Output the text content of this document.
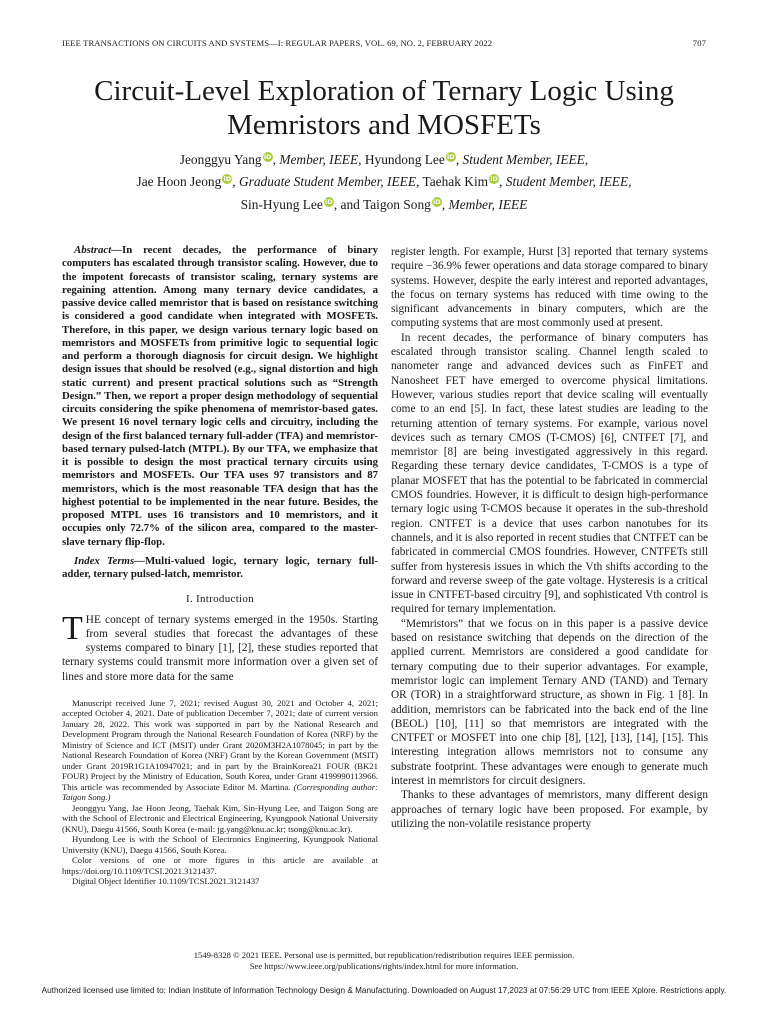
IEEE TRANSACTIONS ON CIRCUITS AND SYSTEMS—I: REGULAR PAPERS, VOL. 69, NO. 2, FEBRUARY 2022	707
Circuit-Level Exploration of Ternary Logic Using Memristors and MOSFETs
Jeonggyu Yang iD, Member, IEEE, Hyundong Lee iD, Student Member, IEEE,
Jae Hoon Jeong iD, Graduate Student Member, IEEE, Taehak Kim iD, Student Member, IEEE,
Sin-Hyung Lee iD, and Taigon Song iD, Member, IEEE

Abstract—In recent decades, the performance of binary computers has escalated through transistor scaling. However, due to the impotent forecasts of transistor scaling, ternary systems are regaining attention. Among many ternary device candidates, a passive device called memristor that is based on resistance switching is considered a good candidate when integrated with MOSFETs. Therefore, in this paper, we design various ternary logic based on memristors and MOSFETs from primitive logic to sequential logic and perform a thorough diagnosis for circuit design. We highlight design issues that should be resolved (e.g., signal distortion and high static current) and present practical solutions such as “Strength Design.” Then, we report a proper design methodology of sequential circuits considering the spike phenomena of memristor-based gates. We present 16 novel ternary logic cells and circuitry, including the design of the first balanced ternary full-adder (TFA) and memristor-based ternary pulsed-latch (MTPL). By our TFA, we emphasize that it is possible to design the most practical ternary circuits using memristors and MOSFETs. Our TFA uses 97 transistors and 87 memristors, which is the most reasonable TFA design that has the highest potential to be implemented in the near future. Besides, the proposed MTPL uses 16 transistors and 10 memristors, and it occupies only 72.7% of the silicon area, compared to the master-slave ternary flip-flop.

Index Terms—Multi-valued logic, ternary logic, ternary full-adder, ternary pulsed-latch, memristor.

I. Introduction

THE concept of ternary systems emerged in the 1950s. Starting from several studies that forecast the advantages of these systems compared to binary [1], [2], these studies reported that ternary systems could transmit more information over a given set of lines and store more data for the same

Manuscript received June 7, 2021; revised August 30, 2021 and October 4, 2021; accepted October 4, 2021. Date of publication December 7, 2021; date of current version January 28, 2022. This work was supported in part by the National Research and Development Program through the National Research Foundation of Korea (NRF) by the Ministry of Science and ICT (MSIT) under Grant 2020M3H2A1078045; in part by the National Research Foundation of Korea (NRF) Grant by the Korean Government (MSIT) under Grant 2019R1G1A10947021; and in part by the BrainKorea21 FOUR (BK21 FOUR) Project by the Ministry of Education, South Korea, under Grant 4199990113966. This article was recommended by Associate Editor M. Martina. (Corresponding author: Taigon Song.)

Jeonggyu Yang, Jae Hoon Jeong, Taehak Kim, Sin-Hyung Lee, and Taigon Song are with the School of Electronic and Electrical Engineering, Kyungpook National University (KNU), Daegu 41566, South Korea (e-mail: jg.yang@knu.ac.kr; tsong@knu.ac.kr).

Hyundong Lee is with the School of Electronics Engineering, Kyungpook National University (KNU), Daegu 41566, South Korea.

Color versions of one or more figures in this article are available at https://doi.org/10.1109/TCSI.2021.3121437.

Digital Object Identifier 10.1109/TCSI.2021.3121437

register length. For example, Hurst [3] reported that ternary systems require −36.9% fewer operations and data storage compared to binary systems. However, despite the early interest and reported advantages, the focus on ternary systems has reduced with time owing to the significant advancements in binary computers, which are the computing systems that are most commonly used at present.

In recent decades, the performance of binary computers has escalated through transistor scaling. Channel length scaled to nanometer range and advanced devices such as FinFET and Nanosheet FET have emerged to overcome physical limitations. However, various studies report that device scaling will eventually come to an end [5]. In fact, these latest studies are leading to the returning attention of ternary systems. For example, various novel devices such as ternary CMOS (T-CMOS) [6], CNTFET [7], and memristor [8] are being investigated aggressively in this regard. Regarding these ternary device candidates, T-CMOS is a type of planar MOSFET that has the potential to be fabricated in commercial CMOS foundries. However, it is difficult to design high-performance ternary logic using T-CMOS because it operates in the sub-threshold region. CNTFET is a device that uses carbon nanotubes for its channels, and it is also reported in recent studies that CNTFET can be fabricated in commercial CMOS foundries. However, CNTFETs still suffer from hysteresis issues in which the Vth shifts according to the forward and reverse sweep of the gate voltage. Hysteresis is a critical issue in CNTFET-based circuitry [9], and sophisticated Vth control is required for ternary implementation.

“Memristors” that we focus on in this paper is a passive device based on resistance switching that depends on the direction of the applied current. Memristors are considered a good candidate for ternary computing due to their superior advantages. For example, memristor logic can implement Ternary AND (TAND) and Ternary OR (TOR) in a straightforward structure, as shown in Fig. 1 [8]. In addition, memristors can be fabricated into the back end of the line (BEOL) [10], [11] so that memristors are integrated with the CNTFET or MOSFET into one chip [8], [12], [13], [14], [15]. This interesting integration allows memristors not to consume any substrate footprint. These advantages were enough to generate much interest in memristors for circuit designers.

Thanks to these advantages of memristors, many different design approaches of ternary logic have been proposed. For example, by utilizing the non-volatile resistance property

1549-8328 © 2021 IEEE. Personal use is permitted, but republication/redistribution requires IEEE permission.
See https://www.ieee.org/publications/rights/index.html for more information.
Authorized licensed use limited to: Indian Institute of Information Technology Design & Manufacturing. Downloaded on August 17,2023 at 07:56:29 UTC from IEEE Xplore. Restrictions apply.
